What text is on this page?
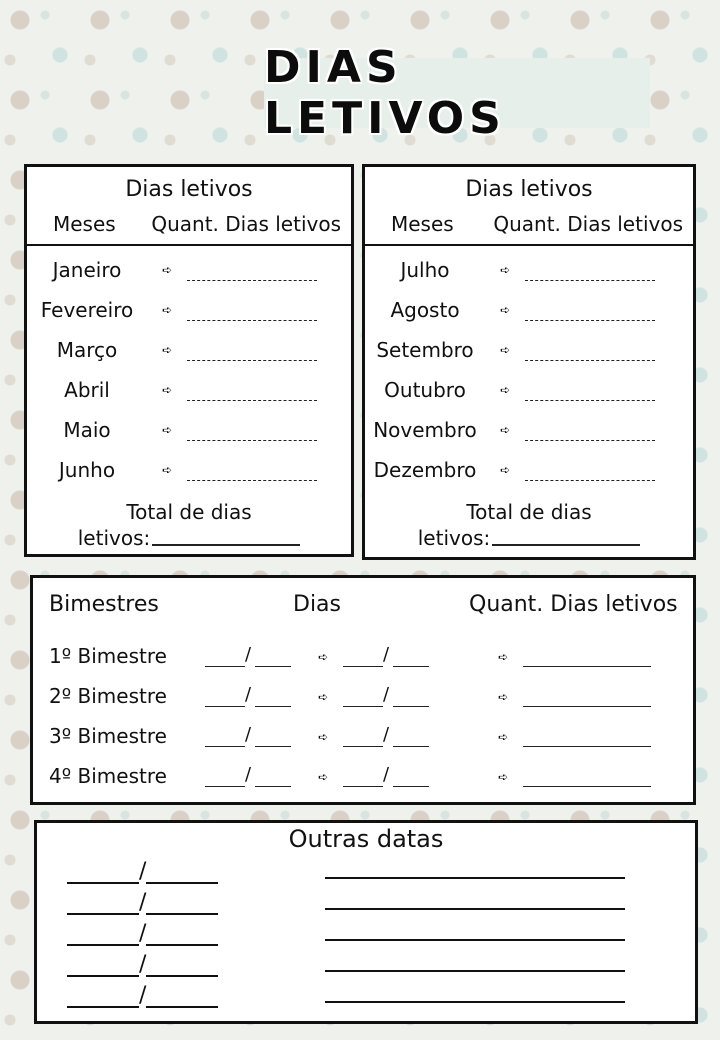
DIAS LETIVOS
Dias letivos
Meses Quant. Dias letivos
Janeiro	➪
Fevereiro	➪
Março	➪
Abril	➪
Maio	➪
Junho	➪
Total de dias
letivos:
Dias letivos
Meses Quant. Dias letivos
Julho	➪
Agosto	➪
Setembro	➪
Outubro	➪
Novembro	➪
Dezembro	➪
Total de dias
letivos:
Bimestres	Dias	Quant. Dias letivos
1º Bimestre	/	➪	/	➪
2º Bimestre	/	➪	/	➪
3º Bimestre	/	➪	/	➪
4º Bimestre	/	➪	/	➪
Outras datas
/
/
/
/
/
